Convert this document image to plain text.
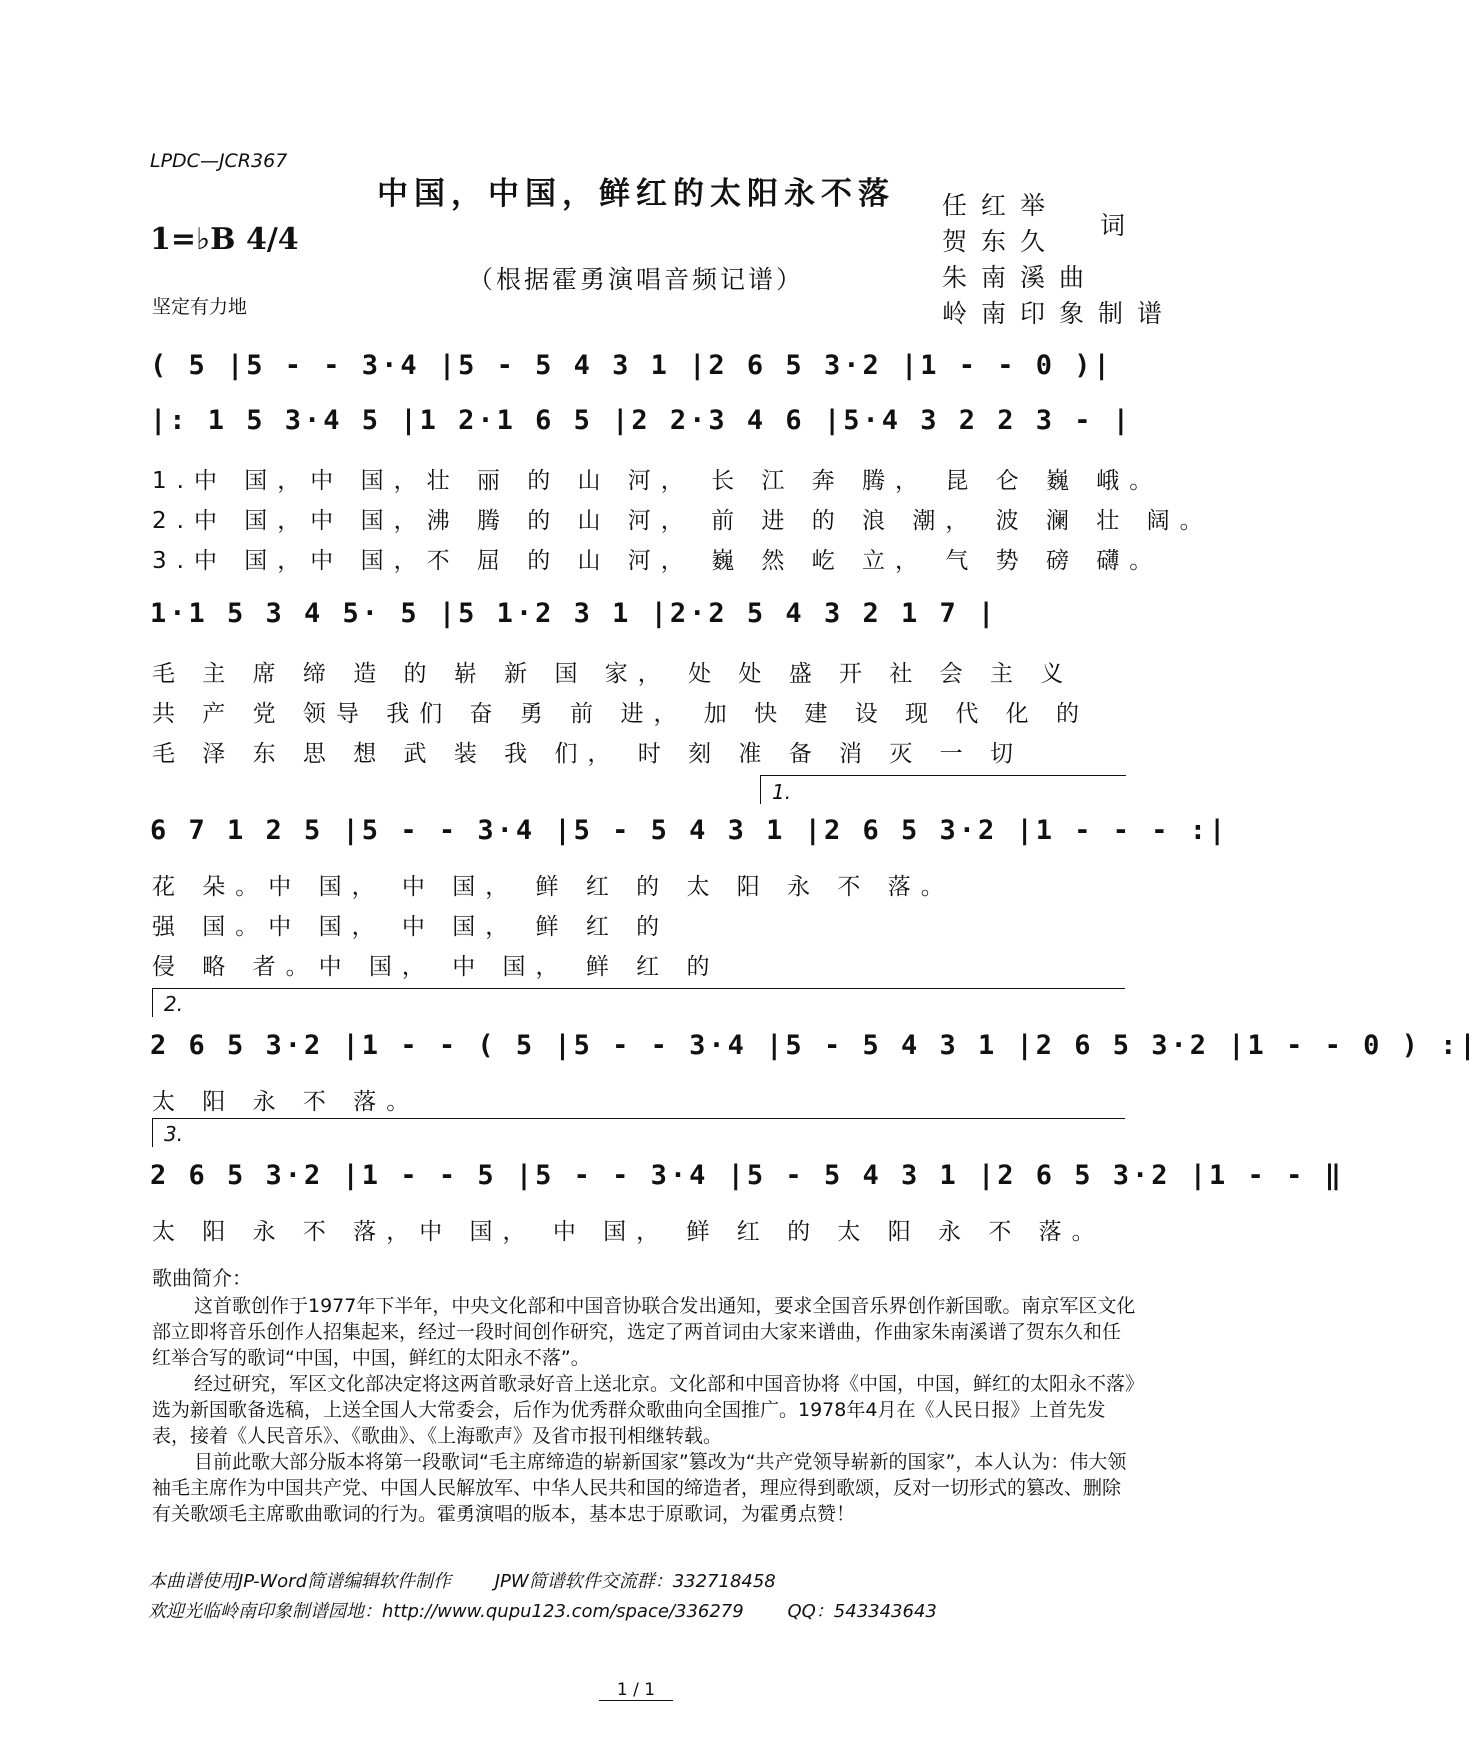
LPDC—JCR367
中国，中国，鲜红的太阳永不落
1=♭B 4/4
（根据霍勇演唱音频记谱）
坚定有力地
任红举
贺东久
朱南溪曲
岭南印象制谱
词
( 5 |5 - - 3·4 |5 - 5 4 3 1 |2 6 5 3·2 |1 - - 0 )|
|: 1 5 3·4 5 |1 2·1 6 5 |2 2·3 4 6 |5·4 3 2 2 3 - |
1.中 国，中 国，壮 丽 的 山 河， 长 江 奔 腾， 昆 仑 巍 峨。
2.中 国，中 国，沸 腾 的 山 河， 前 进 的 浪 潮， 波 澜 壮 阔。
3.中 国，中 国，不 屈 的 山 河， 巍 然 屹 立， 气 势 磅 礴。
1·1 5 3 4 5· 5 |5 1·2 3 1 |2·2 5 4 3 2 1 7 |
毛 主 席 缔 造 的 崭 新 国 家， 处 处 盛 开 社 会 主 义
共 产 党 领导 我们 奋 勇 前 进， 加 快 建 设 现 代 化 的
毛 泽 东 思 想 武 装 我 们， 时 刻 准 备 消 灭 一 切
1.
6 7 1 2 5 |5 - - 3·4 |5 - 5 4 3 1 |2 6 5 3·2 |1 - - - :|
花 朵。中 国， 中 国， 鲜 红 的 太 阳 永 不 落。
强 国。中 国， 中 国， 鲜 红 的
侵 略 者。中 国， 中 国， 鲜 红 的
2.
2 6 5 3·2 |1 - - ( 5 |5 - - 3·4 |5 - 5 4 3 1 |2 6 5 3·2 |1 - - 0 ) :|
太 阳 永 不 落。
3.
2 6 5 3·2 |1 - - 5 |5 - - 3·4 |5 - 5 4 3 1 |2 6 5 3·2 |1 - - ‖
太 阳 永 不 落，中 国， 中 国， 鲜 红 的 太 阳 永 不 落。
歌曲简介：
这首歌创作于1977年下半年，中央文化部和中国音协联合发出通知，要求全国音乐界创作新国歌。南京军区文化部立即将音乐创作人招集起来，经过一段时间创作研究，选定了两首词由大家来谱曲，作曲家朱南溪谱了贺东久和任红举合写的歌词“中国，中国，鲜红的太阳永不落”。
经过研究，军区文化部决定将这两首歌录好音上送北京。文化部和中国音协将《中国，中国，鲜红的太阳永不落》选为新国歌备选稿，上送全国人大常委会，后作为优秀群众歌曲向全国推广。1978年4月在《人民日报》上首先发表，接着《人民音乐》、《歌曲》、《上海歌声》及省市报刊相继转载。
目前此歌大部分版本将第一段歌词“毛主席缔造的崭新国家”篡改为“共产党领导崭新的国家”，本人认为：伟大领袖毛主席作为中国共产党、中国人民解放军、中华人民共和国的缔造者，理应得到歌颂，反对一切形式的篡改、删除有关歌颂毛主席歌曲歌词的行为。霍勇演唱的版本，基本忠于原歌词，为霍勇点赞！
本曲谱使用JP-Word简谱编辑软件制作 JPW简谱软件交流群：332718458
欢迎光临岭南印象制谱园地：http://www.qupu123.com/space/336279 QQ：543343643
1 / 1
